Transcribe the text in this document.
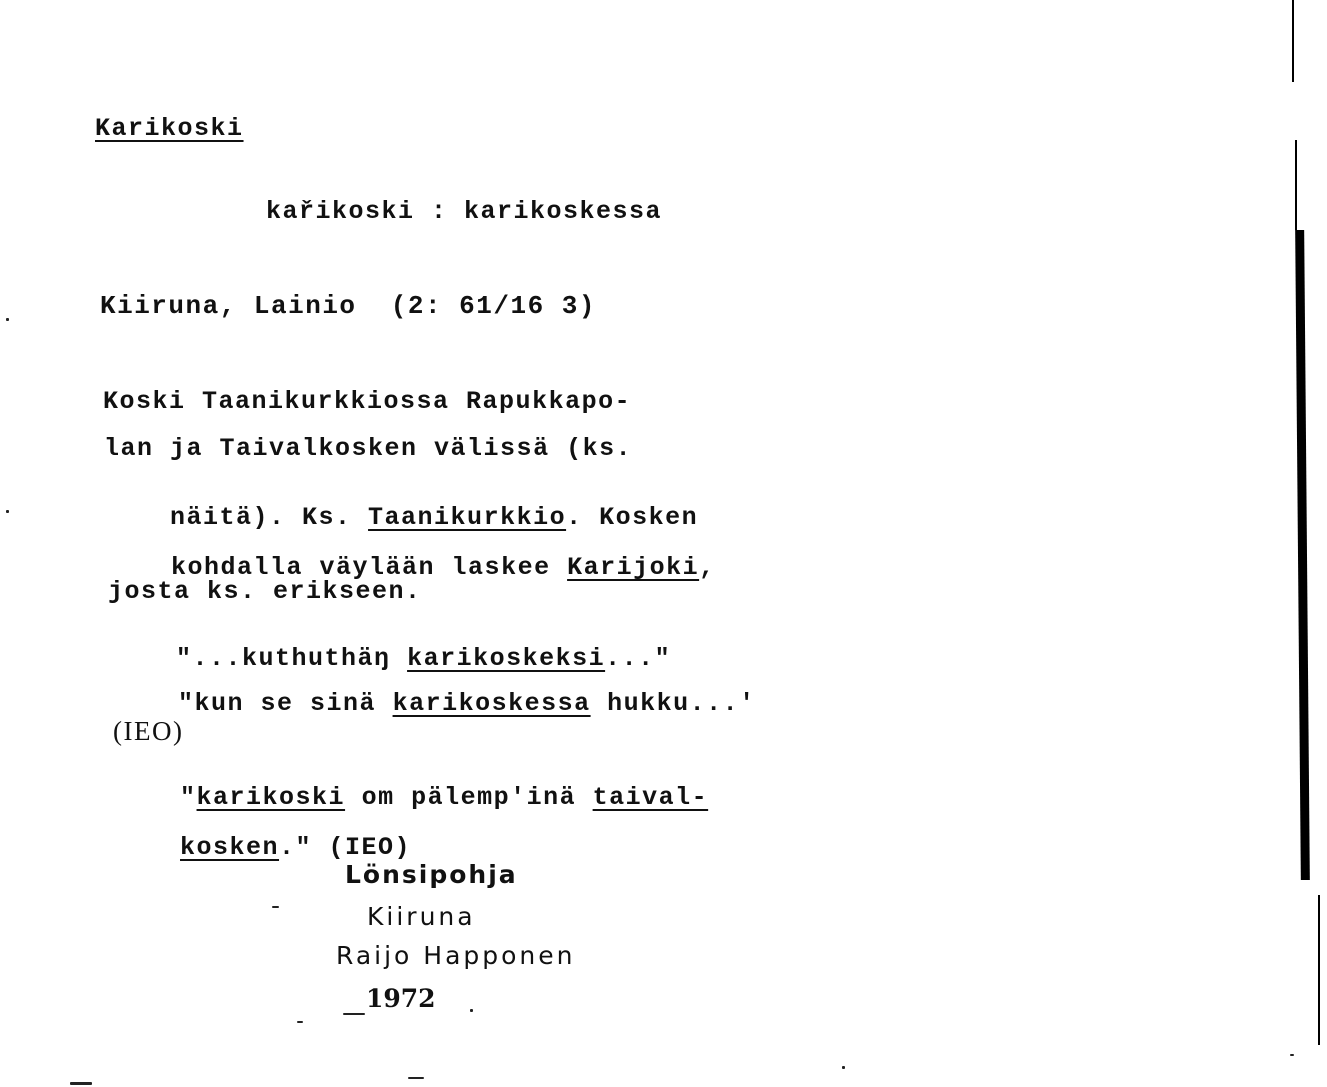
Karikoski
kařikoski : karikoskessa
Kiiruna, Lainio  (2: 61/16 3)
Koski Taanikurkkiossa Rapukkapo-
lan ja Taivalkosken välissä (ks.

näitä). Ks. Taanikurkkio. Kosken

kohdalla väylään laskee Karijoki,

josta ks. erikseen.

"...kuthuthäŋ karikoskeksi..."

"kun se sinä karikoskessa hukku...'

(IEO)

"karikoski om pälemp'inä taival-

kosken." (IEO)

Lönsipohja
Kiiruna
Raijo Happonen
1972
